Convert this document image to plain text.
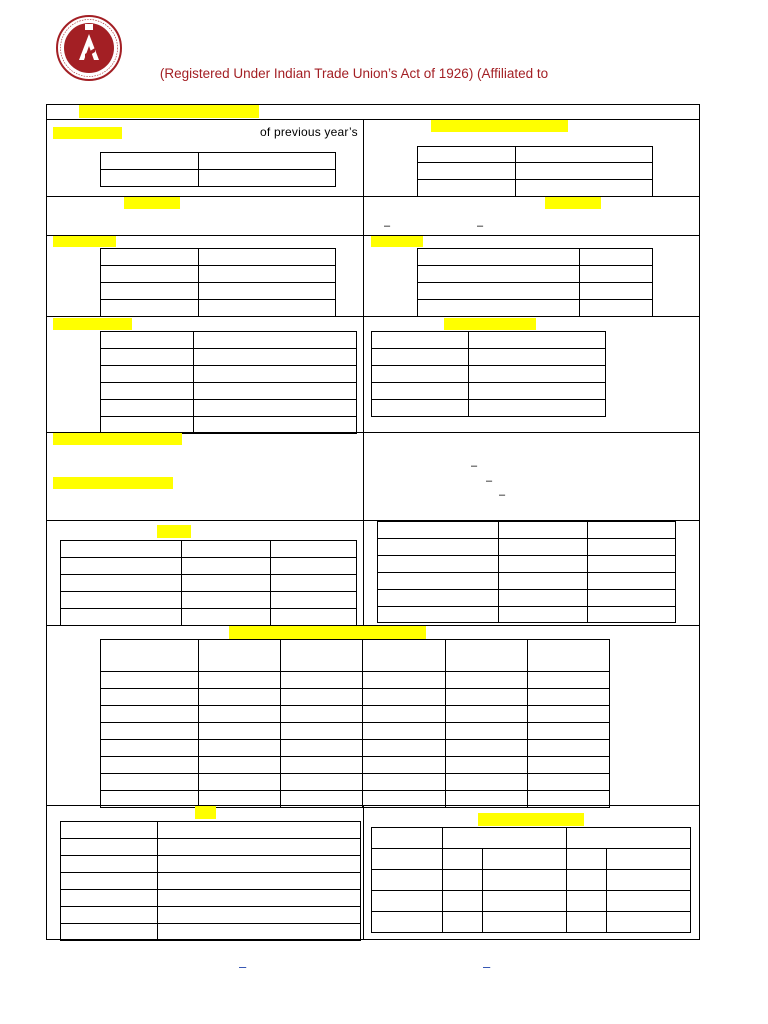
(Registered Under Indian Trade Union’s Act of 1926) (Affiliated to
of previous year’s

–	–

–
–
–

–	–
